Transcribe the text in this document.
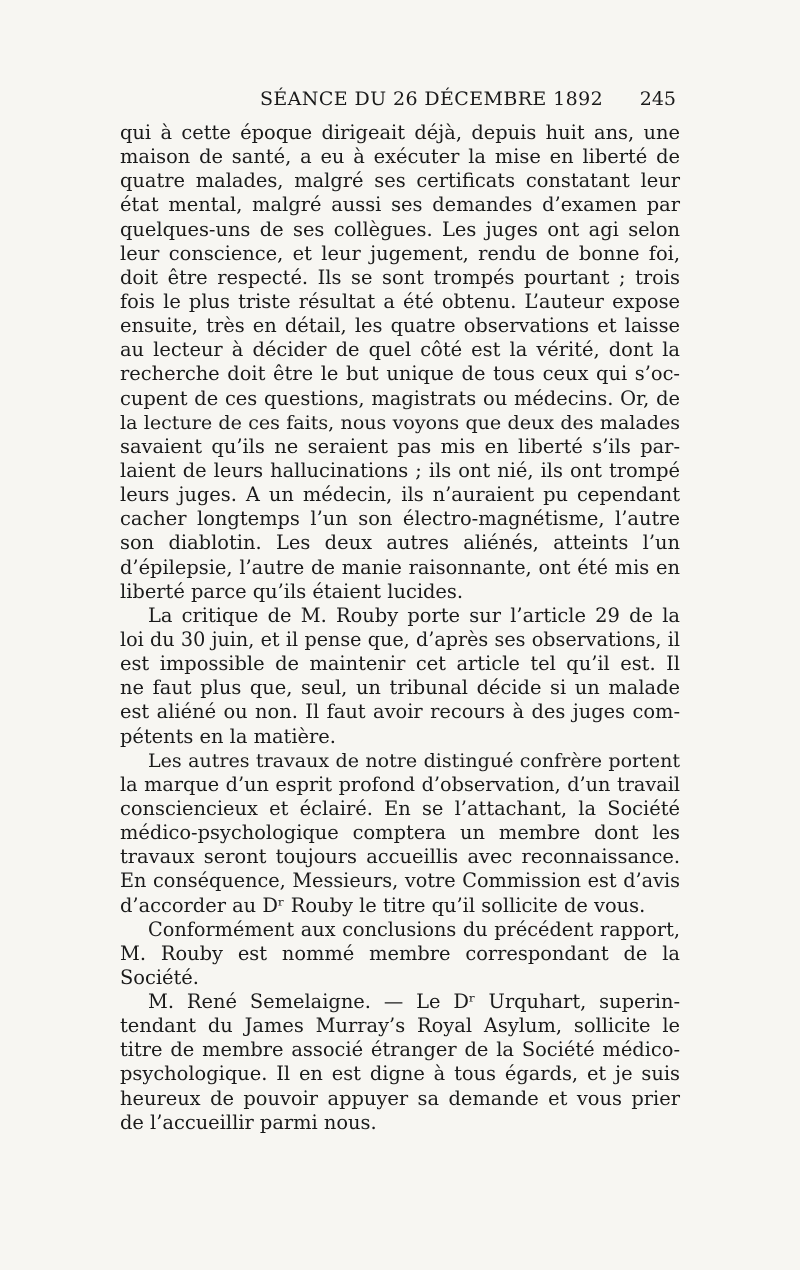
SÉANCE DU 26 DÉCEMBRE 1892 245
qui à cette époque dirigeait déjà, depuis huit ans, une
maison de santé, a eu à exécuter la mise en liberté de
quatre malades, malgré ses certificats constatant leur
état mental, malgré aussi ses demandes d’examen par
quelques-uns de ses collègues. Les juges ont agi selon
leur conscience, et leur jugement, rendu de bonne foi,
doit être respecté. Ils se sont trompés pourtant ; trois
fois le plus triste résultat a été obtenu. L’auteur expose
ensuite, très en détail, les quatre observations et laisse
au lecteur à décider de quel côté est la vérité, dont la
recherche doit être le but unique de tous ceux qui s’oc-
cupent de ces questions, magistrats ou médecins. Or, de
la lecture de ces faits, nous voyons que deux des malades
savaient qu’ils ne seraient pas mis en liberté s’ils par-
laient de leurs hallucinations ; ils ont nié, ils ont trompé
leurs juges. A un médecin, ils n’auraient pu cependant
cacher longtemps l’un son électro-magnétisme, l’autre
son diablotin. Les deux autres aliénés, atteints l’un
d’épilepsie, l’autre de manie raisonnante, ont été mis en
liberté parce qu’ils étaient lucides.
La critique de M. Rouby porte sur l’article 29 de la
loi du 30 juin, et il pense que, d’après ses observations, il
est impossible de maintenir cet article tel qu’il est. Il
ne faut plus que, seul, un tribunal décide si un malade
est aliéné ou non. Il faut avoir recours à des juges com-
pétents en la matière.
Les autres travaux de notre distingué confrère portent
la marque d’un esprit profond d’observation, d’un travail
consciencieux et éclairé. En se l’attachant, la Société
médico-psychologique comptera un membre dont les
travaux seront toujours accueillis avec reconnaissance.
En conséquence, Messieurs, votre Commission est d’avis
d’accorder au Dʳ Rouby le titre qu’il sollicite de vous.
Conformément aux conclusions du précédent rapport,
M. Rouby est nommé membre correspondant de la
Société.
M. René Semelaigne. — Le Dʳ Urquhart, superin-
tendant du James Murray’s Royal Asylum, sollicite le
titre de membre associé étranger de la Société médico-
psychologique. Il en est digne à tous égards, et je suis
heureux de pouvoir appuyer sa demande et vous prier
de l’accueillir parmi nous.
